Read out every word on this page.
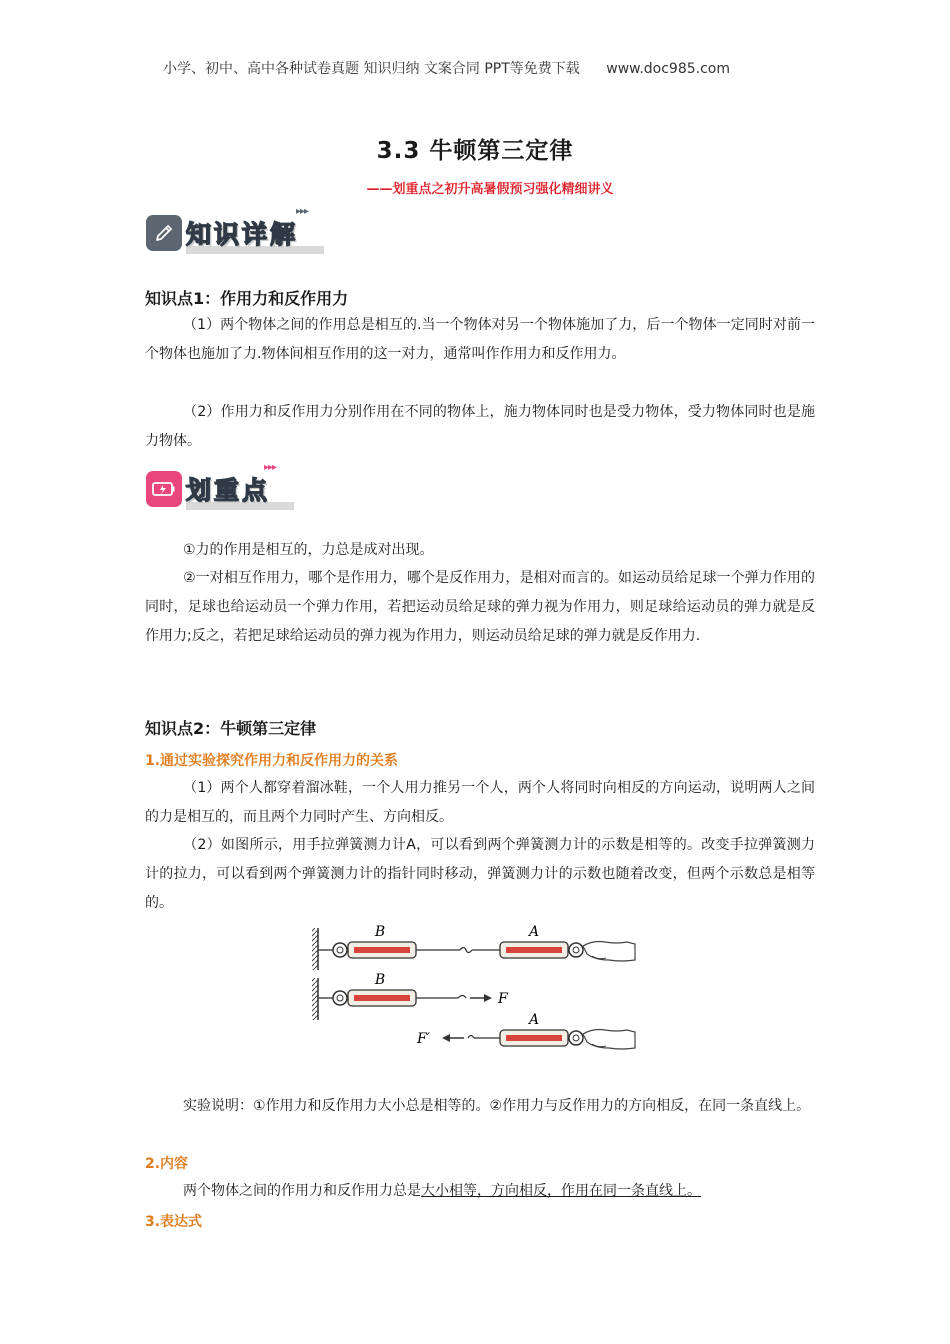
小学、初中、高中各种试卷真题 知识归纳 文案合同 PPT等免费下载 www.doc985.com
3.3 牛顿第三定律
——划重点之初升高暑假预习强化精细讲义
知识详解
▸▸▸
知识点1：作用力和反作用力

（1）两个物体之间的作用总是相互的.当一个物体对另一个物体施加了力，后一个物体一定同时对前一个物体也施加了力.物体间相互作用的这一对力，通常叫作作用力和反作用力。

（2）作用力和反作用力分别作用在不同的物体上，施力物体同时也是受力物体，受力物体同时也是施力物体。

划重点
▸▸▸

①力的作用是相互的，力总是成对出现。

②一对相互作用力，哪个是作用力，哪个是反作用力，是相对而言的。如运动员给足球一个弹力作用的同时，足球也给运动员一个弹力作用，若把运动员给足球的弹力视为作用力，则足球给运动员的弹力就是反作用力;反之，若把足球给运动员的弹力视为作用力，则运动员给足球的弹力就是反作用力.

知识点2：牛顿第三定律
1.通过实验探究作用力和反作用力的关系

（1）两个人都穿着溜冰鞋，一个人用力推另一个人，两个人将同时向相反的方向运动，说明两人之间的力是相互的，而且两个力同时产生、方向相反。

（2）如图所示，用手拉弹簧测力计A，可以看到两个弹簧测力计的示数是相等的。改变手拉弹簧测力计的拉力，可以看到两个弹簧测力计的指针同时移动，弹簧测力计的示数也随着改变，但两个示数总是相等的。

B	A
B
F
F′
A

实验说明：①作用力和反作用力大小总是相等的。②作用力与反作用力的方向相反，在同一条直线上。

2.内容

两个物体之间的作用力和反作用力总是大小相等，方向相反，作用在同一条直线上。

3.表达式
